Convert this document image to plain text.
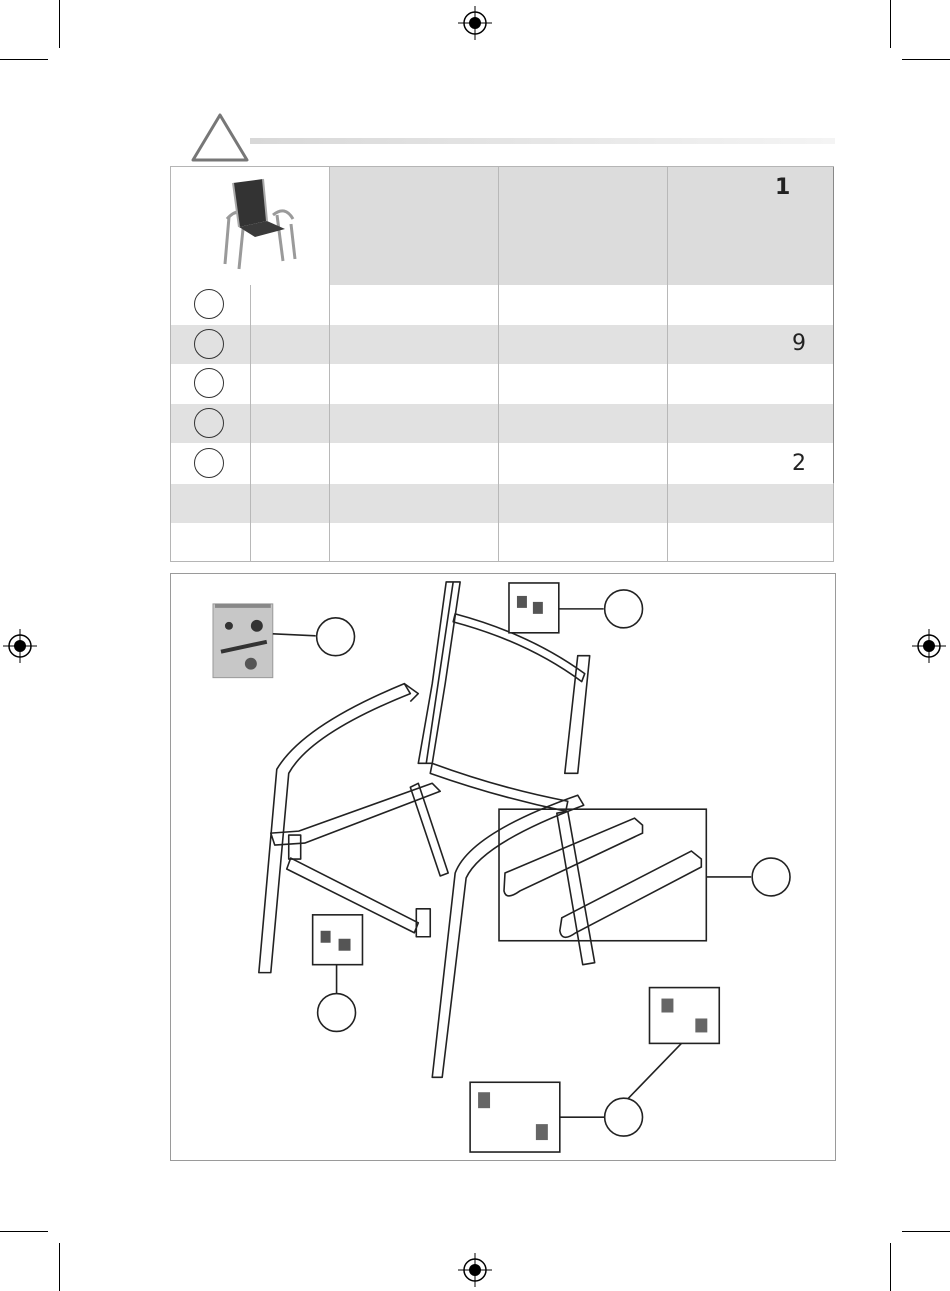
1
9
2
